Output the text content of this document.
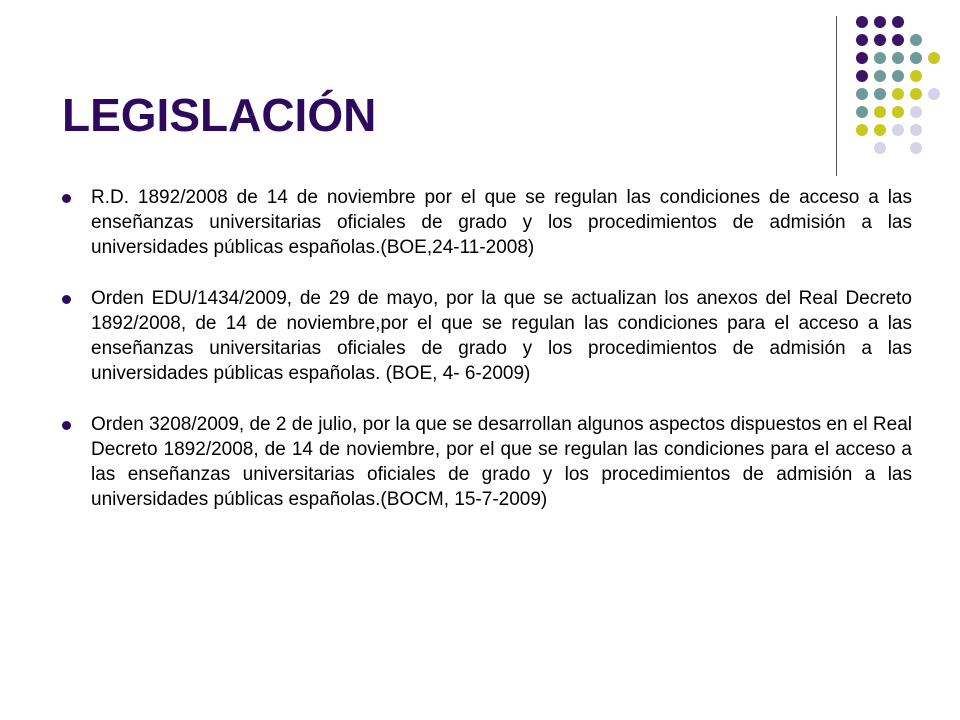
LEGISLACIÓN
R.D. 1892/2008 de 14 de noviembre por el que se regulan las condiciones de acceso a las enseñanzas universitarias oficiales de grado y los procedimientos de admisión a las universidades públicas españolas.(BOE,24-11-2008)
Orden EDU/1434/2009, de 29 de mayo, por la que se actualizan los anexos del Real Decreto 1892/2008, de 14 de noviembre,por el que se regulan las condiciones para el acceso a las enseñanzas universitarias oficiales de grado y los procedimientos de admisión a las universidades públicas españolas. (BOE, 4- 6-2009)
Orden 3208/2009, de 2 de julio, por la que se desarrollan algunos aspectos dispuestos en el Real Decreto 1892/2008, de 14 de noviembre, por el que se regulan las condiciones para el acceso a las enseñanzas universitarias oficiales de grado y los procedimientos de admisión a las universidades públicas españolas.(BOCM, 15-7-2009)
